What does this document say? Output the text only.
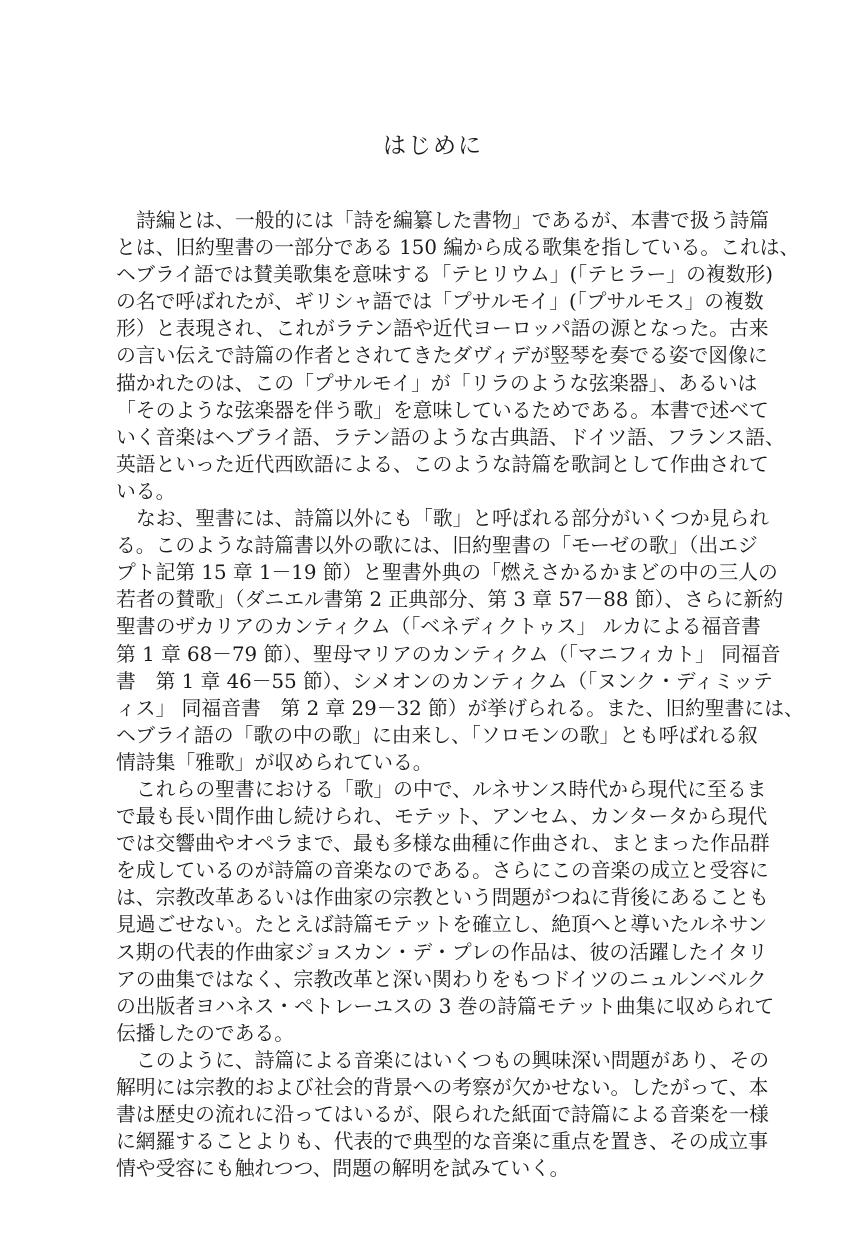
はじめに
詩編とは、一般的には「詩を編纂した書物」であるが、本書で扱う詩篇
とは、旧約聖書の一部分である 150 編から成る歌集を指している。これは、
ヘブライ語では賛美歌集を意味する「テヒリウム」(「テヒラー」の複数形)
の名で呼ばれたが、ギリシャ語では「プサルモイ」(「プサルモス」の複数
形）と表現され、これがラテン語や近代ヨーロッパ語の源となった。古来
の言い伝えで詩篇の作者とされてきたダヴィデが竪琴を奏でる姿で図像に
描かれたのは、この「プサルモイ」が「リラのような弦楽器」、あるいは
「そのような弦楽器を伴う歌」を意味しているためである。本書で述べて
いく音楽はヘブライ語、ラテン語のような古典語、ドイツ語、フランス語、
英語といった近代西欧語による、このような詩篇を歌詞として作曲されて
いる。
なお、聖書には、詩篇以外にも「歌」と呼ばれる部分がいくつか見られ
る。このような詩篇書以外の歌には、旧約聖書の「モーゼの歌」（出エジ
プト記第 15 章 1－19 節）と聖書外典の「燃えさかるかまどの中の三人の
若者の賛歌」（ダニエル書第 2 正典部分、第 3 章 57－88 節）、さらに新約
聖書のザカリアのカンティクム（「ベネディクトゥス」 ルカによる福音書
第 1 章 68－79 節）、聖母マリアのカンティクム（「マニフィカト」 同福音
書　第 1 章 46－55 節）、シメオンのカンティクム（「ヌンク・ディミッテ
ィス」 同福音書　第 2 章 29－32 節）が挙げられる。また、旧約聖書には、
ヘブライ語の「歌の中の歌」に由来し、「ソロモンの歌」とも呼ばれる叙
情詩集「雅歌」が収められている。
これらの聖書における「歌」の中で、ルネサンス時代から現代に至るま
で最も長い間作曲し続けられ、モテット、アンセム、カンタータから現代
では交響曲やオペラまで、最も多様な曲種に作曲され、まとまった作品群
を成しているのが詩篇の音楽なのである。さらにこの音楽の成立と受容に
は、宗教改革あるいは作曲家の宗教という問題がつねに背後にあることも
見過ごせない。たとえば詩篇モテットを確立し、絶頂へと導いたルネサン
ス期の代表的作曲家ジョスカン・デ・プレの作品は、彼の活躍したイタリ
アの曲集ではなく、宗教改革と深い関わりをもつドイツのニュルンベルク
の出版者ヨハネス・ペトレーユスの 3 巻の詩篇モテット曲集に収められて
伝播したのである。
このように、詩篇による音楽にはいくつもの興味深い問題があり、その
解明には宗教的および社会的背景への考察が欠かせない。したがって、本
書は歴史の流れに沿ってはいるが、限られた紙面で詩篇による音楽を一様
に網羅することよりも、代表的で典型的な音楽に重点を置き、その成立事
情や受容にも触れつつ、問題の解明を試みていく。
